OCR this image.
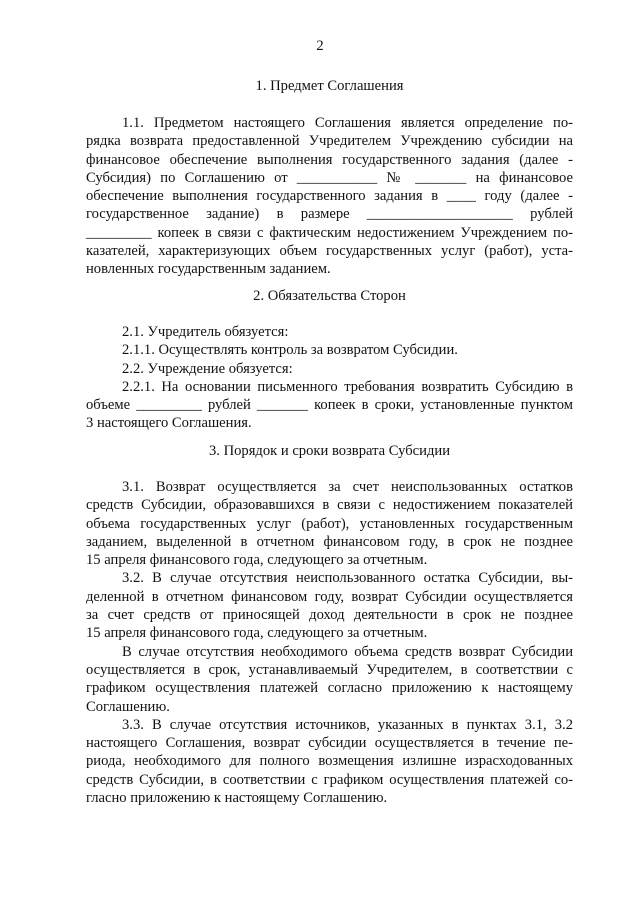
2
1. Предмет Соглашения

1.1. Предметом настоящего Соглашения является определение по-

рядка возврата предоставленной Учредителем Учреждению субсидии на

финансовое обеспечение выполнения государственного задания (далее -

Субсидия) по Соглашению от ___________ № _______ на финансовое

обеспечение выполнения государственного задания в ____ году (далее -

государственное задание) в размере ____________________ рублей

_________ копеек в связи с фактическим недостижением Учреждением по-

казателей, характеризующих объем государственных услуг (работ), уста-

новленных государственным заданием.

2. Обязательства Сторон

2.1. Учредитель обязуется:

2.1.1. Осуществлять контроль за возвратом Субсидии.

2.2. Учреждение обязуется:

2.2.1. На основании письменного требования возвратить Субсидию в

объеме _________ рублей _______ копеек в сроки, установленные пунктом

3 настоящего Соглашения.

3. Порядок и сроки возврата Субсидии

3.1. Возврат осуществляется за счет неиспользованных остатков

средств Субсидии, образовавшихся в связи с недостижением показателей

объема государственных услуг (работ), установленных государственным

заданием, выделенной в отчетном финансовом году, в срок не позднее

15 апреля финансового года, следующего за отчетным.

3.2. В случае отсутствия неиспользованного остатка Субсидии, вы-

деленной в отчетном финансовом году, возврат Субсидии осуществляется

за счет средств от приносящей доход деятельности в срок не позднее

15 апреля финансового года, следующего за отчетным.

В случае отсутствия необходимого объема средств возврат Субсидии

осуществляется в срок, устанавливаемый Учредителем, в соответствии с

графиком осуществления платежей согласно приложению к настоящему

Соглашению.

3.3. В случае отсутствия источников, указанных в пунктах 3.1, 3.2

настоящего Соглашения, возврат субсидии осуществляется в течение пе-

риода, необходимого для полного возмещения излишне израсходованных

средств Субсидии, в соответствии с графиком осуществления платежей со-

гласно приложению к настоящему Соглашению.
